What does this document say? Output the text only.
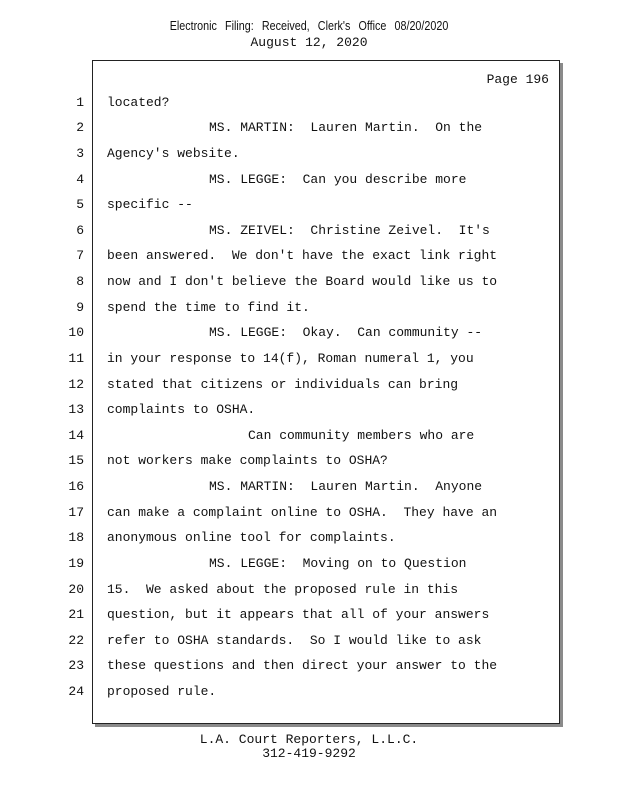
Electronic Filing: Received, Clerk's Office 08/20/2020
August 12, 2020
Page 196
1 located?
2	MS. MARTIN:  Lauren Martin.  On the
3 Agency's website.
4	MS. LEGGE:  Can you describe more
5 specific --
6	MS. ZEIVEL:  Christine Zeivel.  It's
7 been answered.  We don't have the exact link right
8 now and I don't believe the Board would like us to
9 spend the time to find it.
10	MS. LEGGE:  Okay.  Can community --
11 in your response to 14(f), Roman numeral 1, you
12 stated that citizens or individuals can bring
13 complaints to OSHA.
14	Can community members who are
15 not workers make complaints to OSHA?
16	MS. MARTIN:  Lauren Martin.  Anyone
17 can make a complaint online to OSHA.  They have an
18 anonymous online tool for complaints.
19	MS. LEGGE:  Moving on to Question
20 15.  We asked about the proposed rule in this
21 question, but it appears that all of your answers
22 refer to OSHA standards.  So I would like to ask
23 these questions and then direct your answer to the
24 proposed rule.
L.A. Court Reporters, L.L.C.
312-419-9292
